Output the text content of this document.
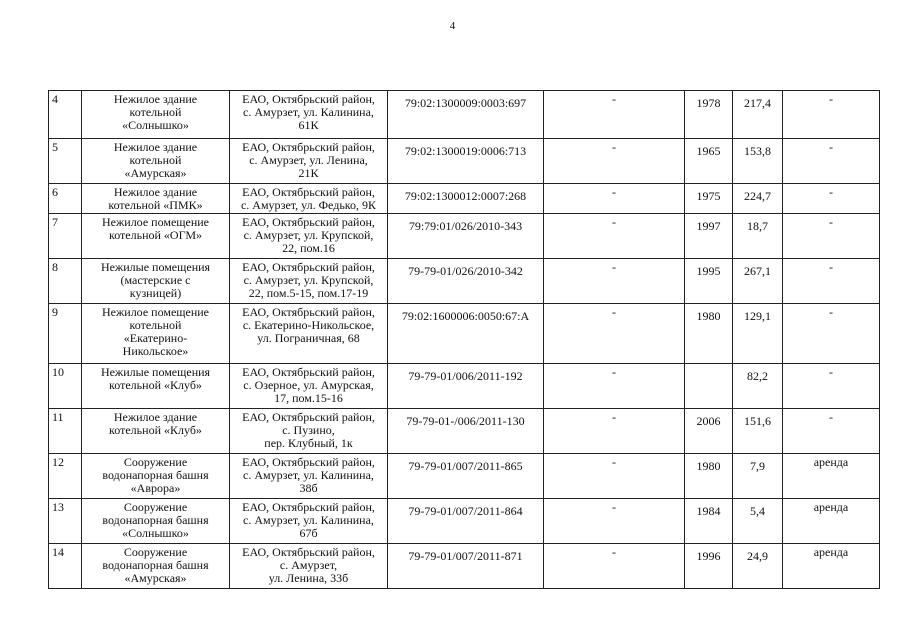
4
4	Нежилое здание
котельной
«Солнышко»	ЕАО, Октябрьский район,
с. Амурзет, ул. Калинина,
61К	79:02:1300009:0003:697	-	1978	217,4	-

5	Нежилое здание
котельной
«Амурская»	ЕАО, Октябрьский район,
с. Амурзет, ул. Ленина,
21К	79:02:1300019:0006:713	-	1965	153,8	-

6	Нежилое здание
котельной «ПМК»	ЕАО, Октябрьский район,
с. Амурзет, ул. Федько, 9К	79:02:1300012:0007:268	-	1975	224,7	-

7	Нежилое помещение
котельной «ОГМ»	ЕАО, Октябрьский район,
с. Амурзет, ул. Крупской,
22, пом.16	79:79:01/026/2010-343	-	1997	18,7	-

8	Нежилые помещения
(мастерские с
кузницей)	ЕАО, Октябрьский район,
с. Амурзет, ул. Крупской,
22, пом.5-15, пом.17-19	79-79-01/026/2010-342	-	1995	267,1	-

9	Нежилое помещение
котельной
«Екатерино-
Никольское»	ЕАО, Октябрьский район,
с. Екатерино-Никольское,
ул. Пограничная, 68	79:02:1600006:0050:67:А	-	1980	129,1	-

10	Нежилые помещения
котельной «Клуб»	ЕАО, Октябрьский район,
с. Озерное, ул. Амурская,
17, пом.15-16	79-79-01/006/2011-192	-		82,2	-

11	Нежилое здание
котельной «Клуб»	ЕАО, Октябрьский район,
с. Пузино,
пер. Клубный, 1к	79-79-01-/006/2011-130	-	2006	151,6	-

12	Сооружение
водонапорная башня
«Аврора»	ЕАО, Октябрьский район,
с. Амурзет, ул. Калинина,
38б	79-79-01/007/2011-865	-	1980	7,9	аренда

13	Сооружение
водонапорная башня
«Солнышко»	ЕАО, Октябрьский район,
с. Амурзет, ул. Калинина,
67б	79-79-01/007/2011-864	-	1984	5,4	аренда

14	Сооружение
водонапорная башня
«Амурская»	ЕАО, Октябрьский район,
с. Амурзет,
ул. Ленина, 33б	79-79-01/007/2011-871	-	1996	24,9	аренда
